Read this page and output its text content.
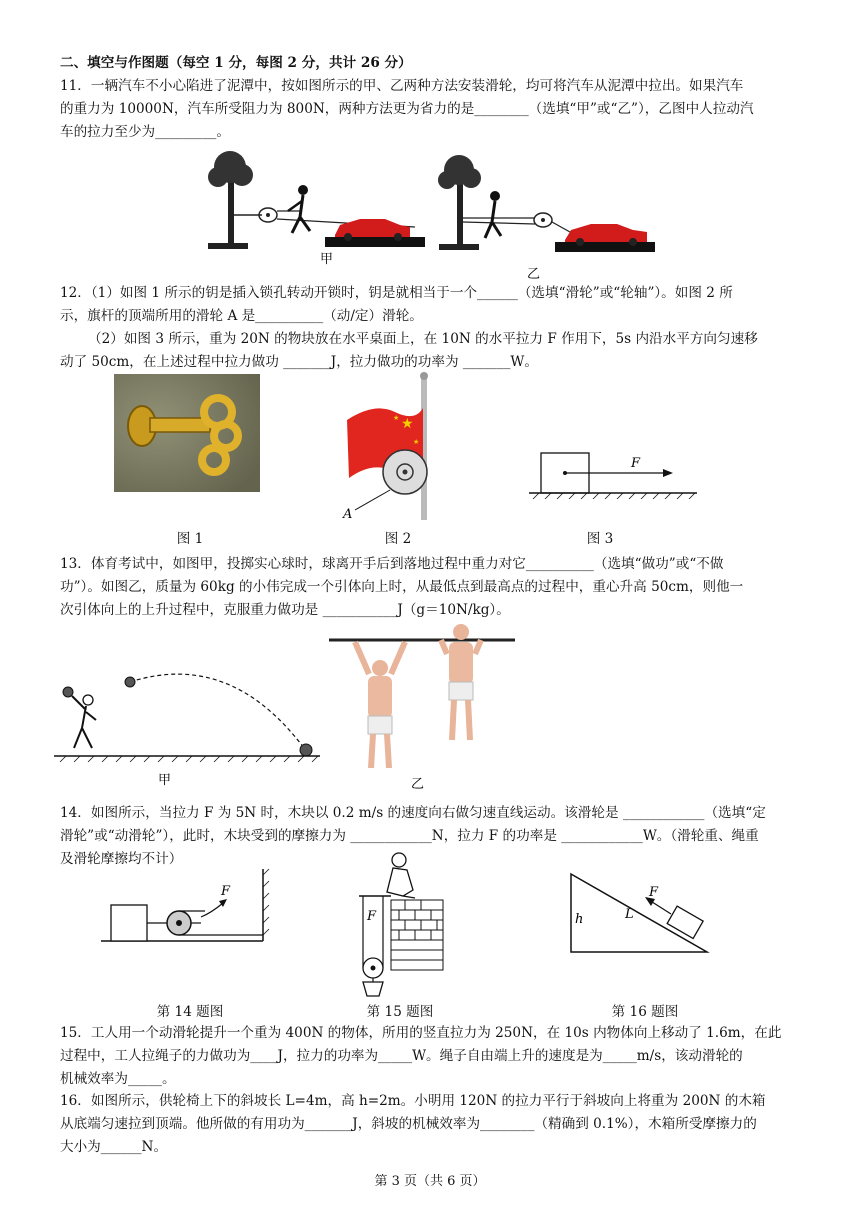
二、填空与作图题（每空 1 分，每图 2 分，共计 26 分）
11．一辆汽车不小心陷进了泥潭中，按如图所示的甲、乙两种方法安装滑轮，均可将汽车从泥潭中拉出。如果汽车
的重力为 10000N，汽车所受阻力为 800N，两种方法更为省力的是________（选填“甲”或“乙”），乙图中人拉动汽
车的拉力至少为_________。
甲
乙
12．（1）如图 1 所示的钥是插入锁孔转动开锁时，钥是就相当于一个______（选填“滑轮”或“轮轴”）。如图 2 所
示，旗杆的顶端所用的滑轮 A 是__________（动/定）滑轮。
（2）如图 3 所示，重为 20N 的物块放在水平桌面上，在 10N 的水平拉力 F 作用下，5s 内沿水平方向匀速移
动了 50cm，在上述过程中拉力做功 _______J，拉力做功的功率为 _______W。
★
★
★
A
F
图 1	图 2	图 3
13．体育考试中，如图甲，投掷实心球时，球离开手后到落地过程中重力对它__________（选填“做功”或“不做
功”）。如图乙，质量为 60kg 的小伟完成一个引体向上时，从最低点到最高点的过程中，重心升高 50cm，则他一
次引体向上的上升过程中，克服重力做功是 ___________J（g＝10N/kg）。
甲	乙
14．如图所示，当拉力 F 为 5N 时，木块以 0.2 m/s 的速度向右做匀速直线运动。该滑轮是 ____________（选填“定
滑轮”或“动滑轮”），此时，木块受到的摩擦力为 ____________N，拉力 F 的功率是 ____________W。（滑轮重、绳重
及滑轮摩擦均不计）
F
F	h	L
F
第 14 题图	第 15 题图	第 16 题图
15．工人用一个动滑轮提升一个重为 400N 的物体，所用的竖直拉力为 250N，在 10s 内物体向上移动了 1.6m，在此
过程中，工人拉绳子的力做功为____J，拉力的功率为_____W。绳子自由端上升的速度是为_____m/s，该动滑轮的
机械效率为_____。
16．如图所示，供轮椅上下的斜坡长 L=4m，高 h=2m。小明用 120N 的拉力平行于斜坡向上将重为 200N 的木箱
从底端匀速拉到顶端。他所做的有用功为_______J，斜坡的机械效率为________（精确到 0.1%），木箱所受摩擦力的
大小为______N。
第 3 页（共 6 页）
